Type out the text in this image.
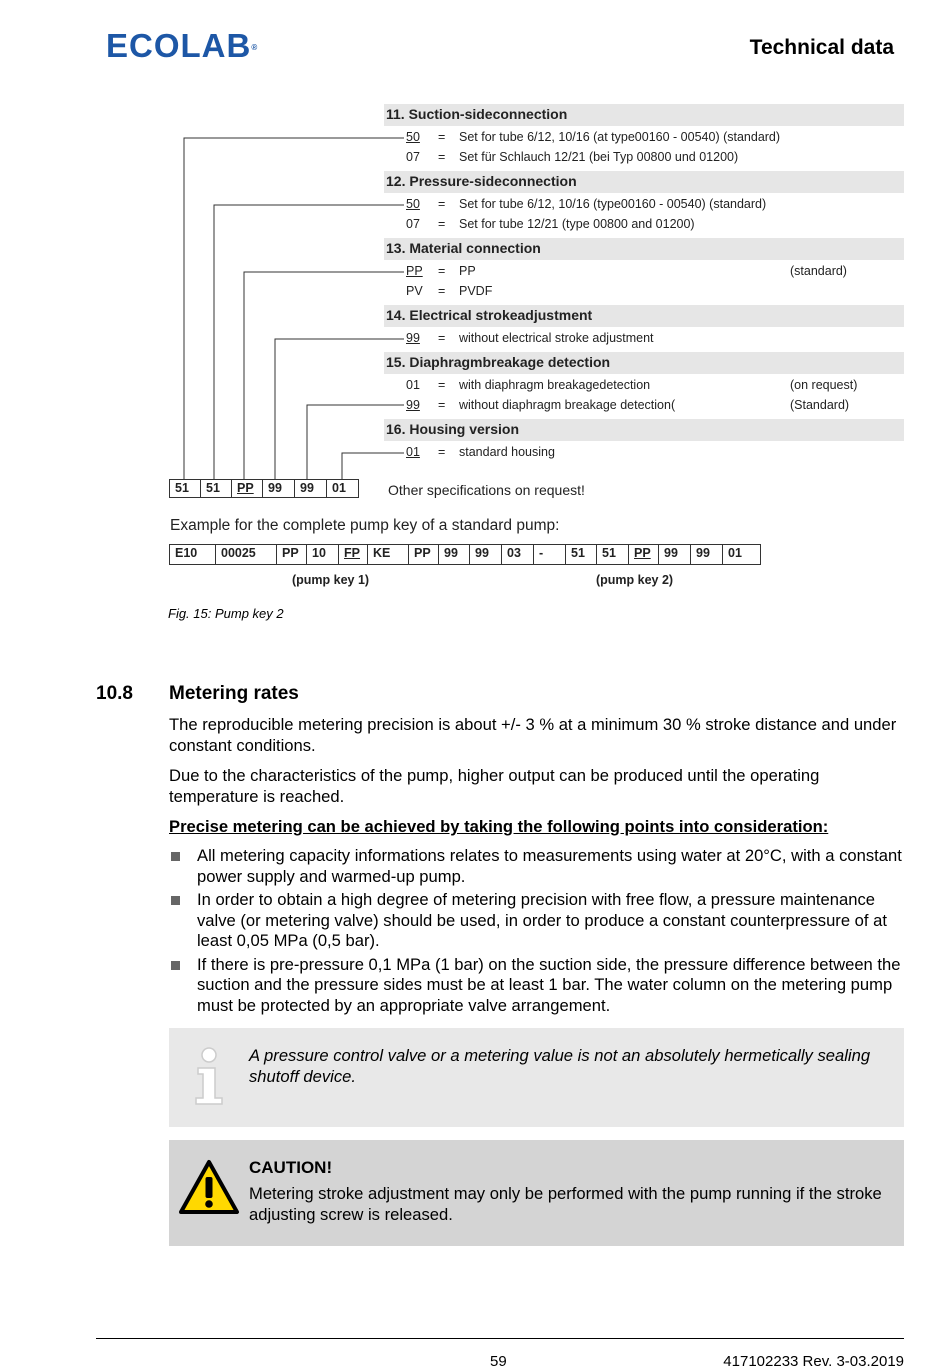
ECOLAB®	Technical data
11. Suction-sideconnection
50 = Set for tube 6/12, 10/16 (at type00160 - 00540) (standard)
07 = Set für Schlauch 12/21 (bei Typ 00800 und 01200)
12. Pressure-sideconnection
50 = Set for tube 6/12, 10/16 (type00160 - 00540) (standard)
07 = Set for tube 12/21 (type 00800 and 01200)
13. Material connection
PP = PP	(standard)
PV = PVDF
14. Electrical strokeadjustment
99 = without electrical stroke adjustment
15. Diaphragmbreakage detection
01 = with diaphragm breakagedetection	(on request)
99 = without diaphragm breakage detection(	(Standard)
16. Housing version
01 = standard housing
51	51	PP	99	99	01	Other specifications on request!
Example for the complete pump key of a standard pump:
E10	00025	PP	10	FP	KE	PP	99	99	03	-	51	51	PP	99	99	01
(pump key 1)	(pump key 2)
Fig. 15: Pump key 2
10.8 Metering rates
The reproducible metering precision is about +/- 3 % at a minimum 30 % stroke distance and under constant conditions.
Due to the characteristics of the pump, higher output can be produced until the operating temperature is reached.
Precise metering can be achieved by taking the following points into consideration:
All metering capacity informations relates to measurements using water at 20°C, with a constant power supply and warmed-up pump.
In order to obtain a high degree of metering precision with free flow, a pressure maintenance valve (or metering valve) should be used, in order to produce a constant counterpressure of at least 0,05 MPa (0,5 bar).
If there is pre-pressure 0,1 MPa (1 bar) on the suction side, the pressure difference between the suction and the pressure sides must be at least 1 bar. The water column on the metering pump must be protected by an appropriate valve arrangement.
A pressure control valve or a metering value is not an absolutely hermetically sealing shutoff device.
CAUTION!
Metering stroke adjustment may only be performed with the pump running if the stroke adjusting screw is released.
59	417102233 Rev. 3-03.2019
